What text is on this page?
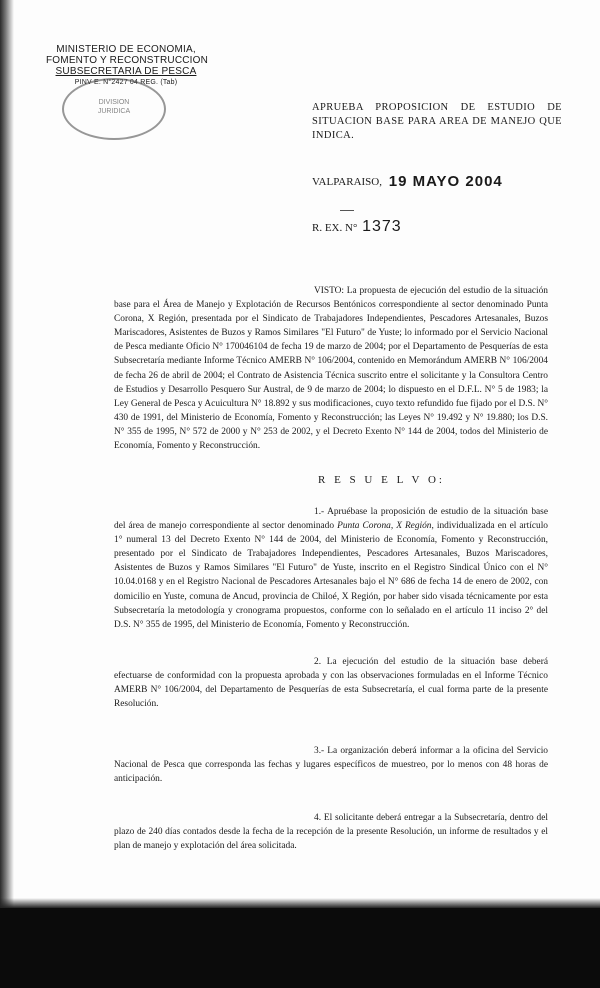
MINISTERIO DE ECONOMIA,
FOMENTO Y RECONSTRUCCION
SUBSECRETARIA DE PESCA
PINV E. N°2427 04 REG. (Tab)
DIVISION
JURIDICA	APRUEBA PROPOSICION DE ESTUDIO DE SITUACION BASE PARA AREA DE MANEJO QUE INDICA.
VALPARAISO, 19 MAYO 2004
R. EX. N° 1373
VISTO: La propuesta de ejecución del estudio de la situación base para el Área de Manejo y Explotación de Recursos Bentónicos correspondiente al sector denominado Punta Corona, X Región, presentada por el Sindicato de Trabajadores Independientes, Pescadores Artesanales, Buzos Mariscadores, Asistentes de Buzos y Ramos Similares "El Futuro" de Yuste; lo informado por el Servicio Nacional de Pesca mediante Oficio N° 170046104 de fecha 19 de marzo de 2004; por el Departamento de Pesquerías de esta Subsecretaría mediante Informe Técnico AMERB N° 106/2004, contenido en Memorándum AMERB N° 106/2004 de fecha 26 de abril de 2004; el Contrato de Asistencia Técnica suscrito entre el solicitante y la Consultora Centro de Estudios y Desarrollo Pesquero Sur Austral, de 9 de marzo de 2004; lo dispuesto en el D.F.L. N° 5 de 1983; la Ley General de Pesca y Acuicultura N° 18.892 y sus modificaciones, cuyo texto refundido fue fijado por el D.S. N° 430 de 1991, del Ministerio de Economía, Fomento y Reconstrucción; las Leyes N° 19.492 y N° 19.880; los D.S. N° 355 de 1995, N° 572 de 2000 y N° 253 de 2002, y el Decreto Exento N° 144 de 2004, todos del Ministerio de Economía, Fomento y Reconstrucción.
R E S U E L V O:
1.- Apruébase la proposición de estudio de la situación base del área de manejo correspondiente al sector denominado Punta Corona, X Región, individualizada en el artículo 1° numeral 13 del Decreto Exento N° 144 de 2004, del Ministerio de Economía, Fomento y Reconstrucción, presentado por el Sindicato de Trabajadores Independientes, Pescadores Artesanales, Buzos Mariscadores, Asistentes de Buzos y Ramos Similares "El Futuro" de Yuste, inscrito en el Registro Sindical Único con el N° 10.04.0168 y en el Registro Nacional de Pescadores Artesanales bajo el N° 686 de fecha 14 de enero de 2002, con domicilio en Yuste, comuna de Ancud, provincia de Chiloé, X Región, por haber sido visada técnicamente por esta Subsecretaría la metodología y cronograma propuestos, conforme con lo señalado en el artículo 11 inciso 2° del D.S. N° 355 de 1995, del Ministerio de Economía, Fomento y Reconstrucción.
2. La ejecución del estudio de la situación base deberá efectuarse de conformidad con la propuesta aprobada y con las observaciones formuladas en el Informe Técnico AMERB N° 106/2004, del Departamento de Pesquerías de esta Subsecretaría, el cual forma parte de la presente Resolución.
3.- La organización deberá informar a la oficina del Servicio Nacional de Pesca que corresponda las fechas y lugares específicos de muestreo, por lo menos con 48 horas de anticipación.
4. El solicitante deberá entregar a la Subsecretaría, dentro del plazo de 240 días contados desde la fecha de la recepción de la presente Resolución, un informe de resultados y el plan de manejo y explotación del área solicitada.
